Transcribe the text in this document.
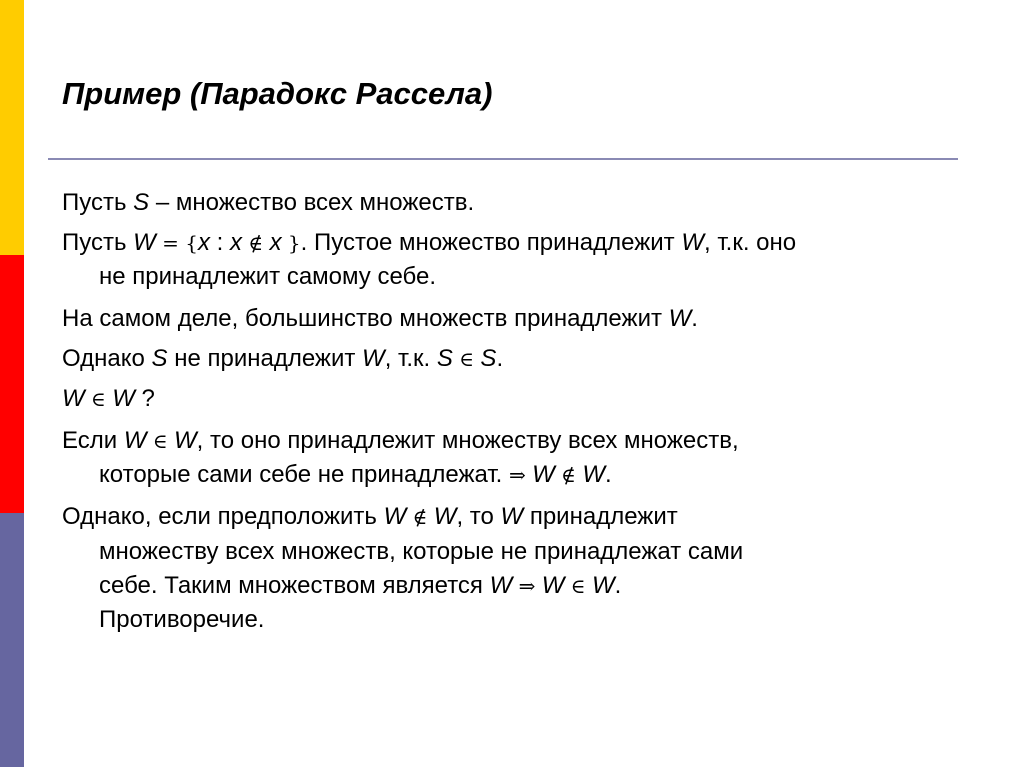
Пример (Парадокс Рассела)
Пусть S – множество всех множеств.
Пусть W = {x : x ∉ x }. Пустое множество принадлежит W, т.к. оно
не принадлежит самому себе.
На самом деле, большинство множеств принадлежит W.
Однако S не принадлежит W, т.к. S ∈ S.
W ∈ W ?
Если W ∈ W, то оно принадлежит множеству всех множеств,
которые сами себе не принадлежат. ⇒ W ∉ W.
Однако, если предположить W ∉ W, то W принадлежит
множеству всех множеств, которые не принадлежат сами
себе. Таким множеством является W ⇒ W ∈ W.
Противоречие.
